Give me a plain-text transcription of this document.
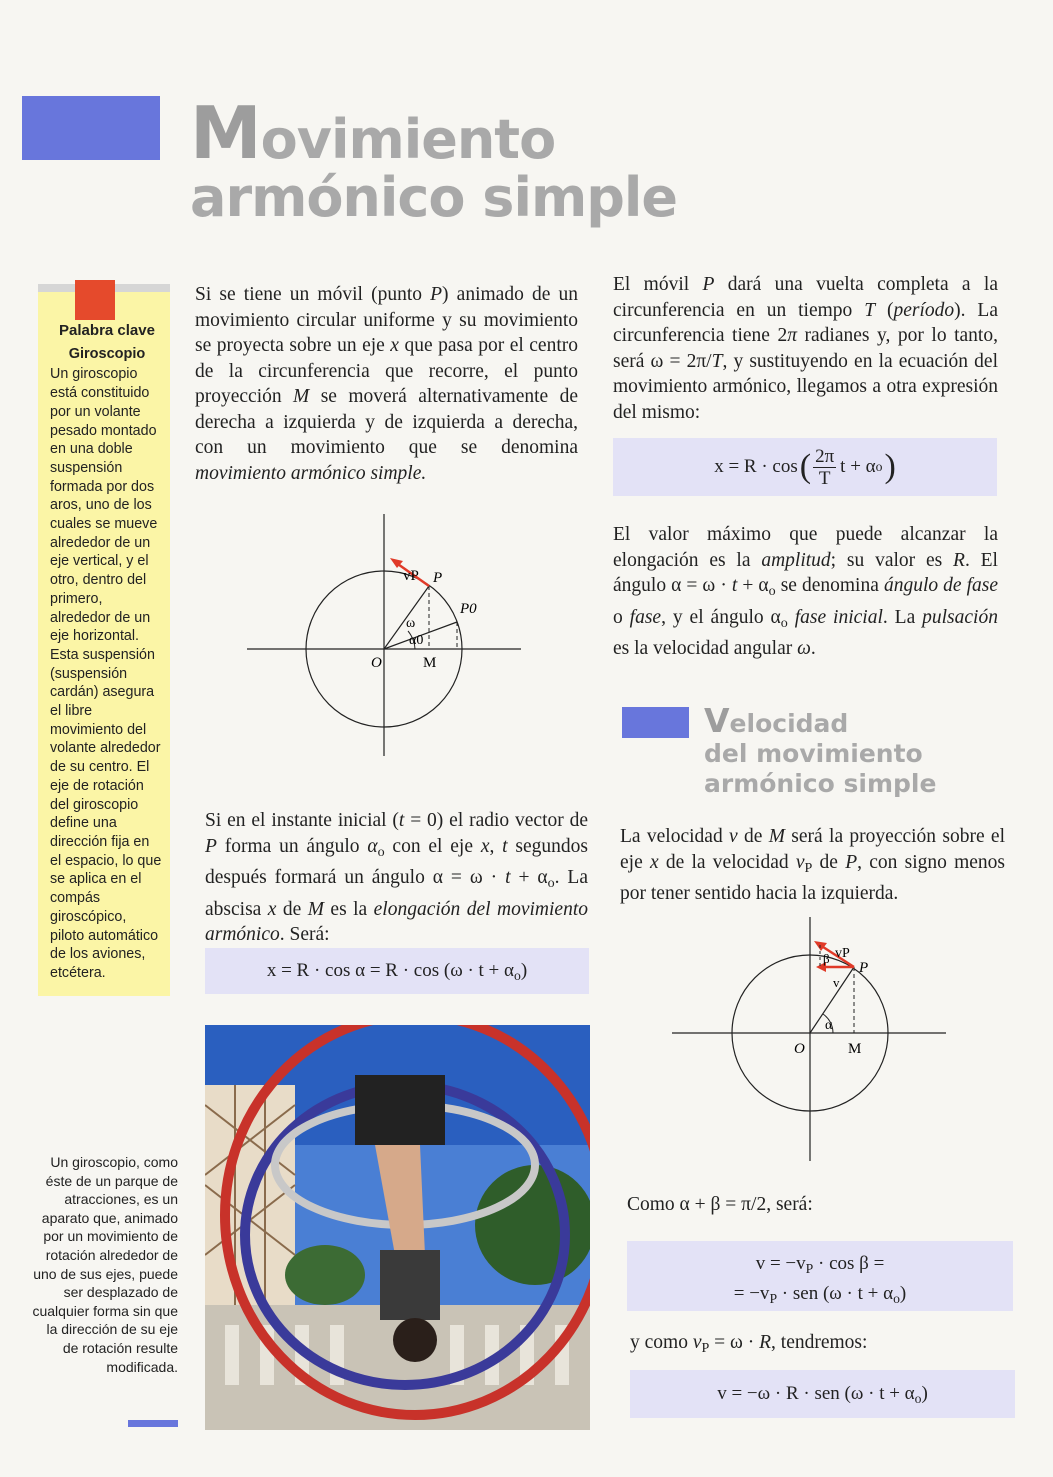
Movimiento
armónico simple
Palabra clave
Giroscopio
Un giroscopio está constituido por un volante pesado montado en una doble suspensión formada por dos aros, uno de los cuales se mueve alrededor de un eje vertical, y el otro, dentro del primero, alrededor de un eje horizontal. Esta suspensión (suspensión cardán) asegura el libre movimiento del volante alrededor de su centro. El eje de rotación del giroscopio define una dirección fija en el espacio, lo que se aplica en el compás giroscópico, piloto automático de los aviones, etcétera.
Si se tiene un móvil (punto P) animado de un movimiento circular uniforme y su movimiento se proyecta sobre un eje x que pasa por el centro de la circunferencia que recorre, el punto proyección M se moverá alternativamente de derecha a izquierda y de izquierda a derecha, con un movimiento que se denomina movimiento armónico simple.
vP P
P0
ω
α0
O	M
Si en el instante inicial (t = 0) el radio vector de P forma un ángulo $\alpha_o$ con el eje x, t segundos después formará un ángulo $\alpha = \omega \cdot t + \alpha_o$. La abscisa x de M es la elongación del movimiento armónico. Será:
$x = R \cdot \cos \alpha = R \cdot \cos (\omega \cdot t + \alpha_o)$
Un giroscopio, como éste de un parque de atracciones, es un aparato que, animado por un movimiento de rotación alrededor de uno de sus ejes, puede ser desplazado de cualquier forma sin que la dirección de su eje de rotación resulte modificada.
El móvil P dará una vuelta completa a la circunferencia en un tiempo T (período). La circunferencia tiene 2π radianes y, por lo tanto, será ω = 2π/T, y sustituyendo en la ecuación del movimiento armónico, llegamos a otra expresión del mismo:
x = R · cos ( $\frac{2\pi}{T}$ t + α o )
El valor máximo que puede alcanzar la elongación es la amplitud; su valor es R. El ángulo $\alpha = \omega \cdot t + \alpha_o$ se denomina ángulo de fase o fase, y el ángulo $\alpha_o$ fase inicial. La pulsación es la velocidad angular ω.
Velocidad
del movimiento
armónico simple
La velocidad v de M será la proyección sobre el eje x de la velocidad $v_P$ de P, con signo menos por tener sentido hacia la izquierda.
vP
β
P
v
α
O	M
Como α + β = π/2, será:
$v = -v_P \cdot \cos \beta$ =
= $-v_P$ · sen $(\omega \cdot t + \alpha_o)$
y como $v_P = \omega \cdot R$, tendremos:
v = −ω · R · sen $(\omega \cdot t + \alpha_o)$
